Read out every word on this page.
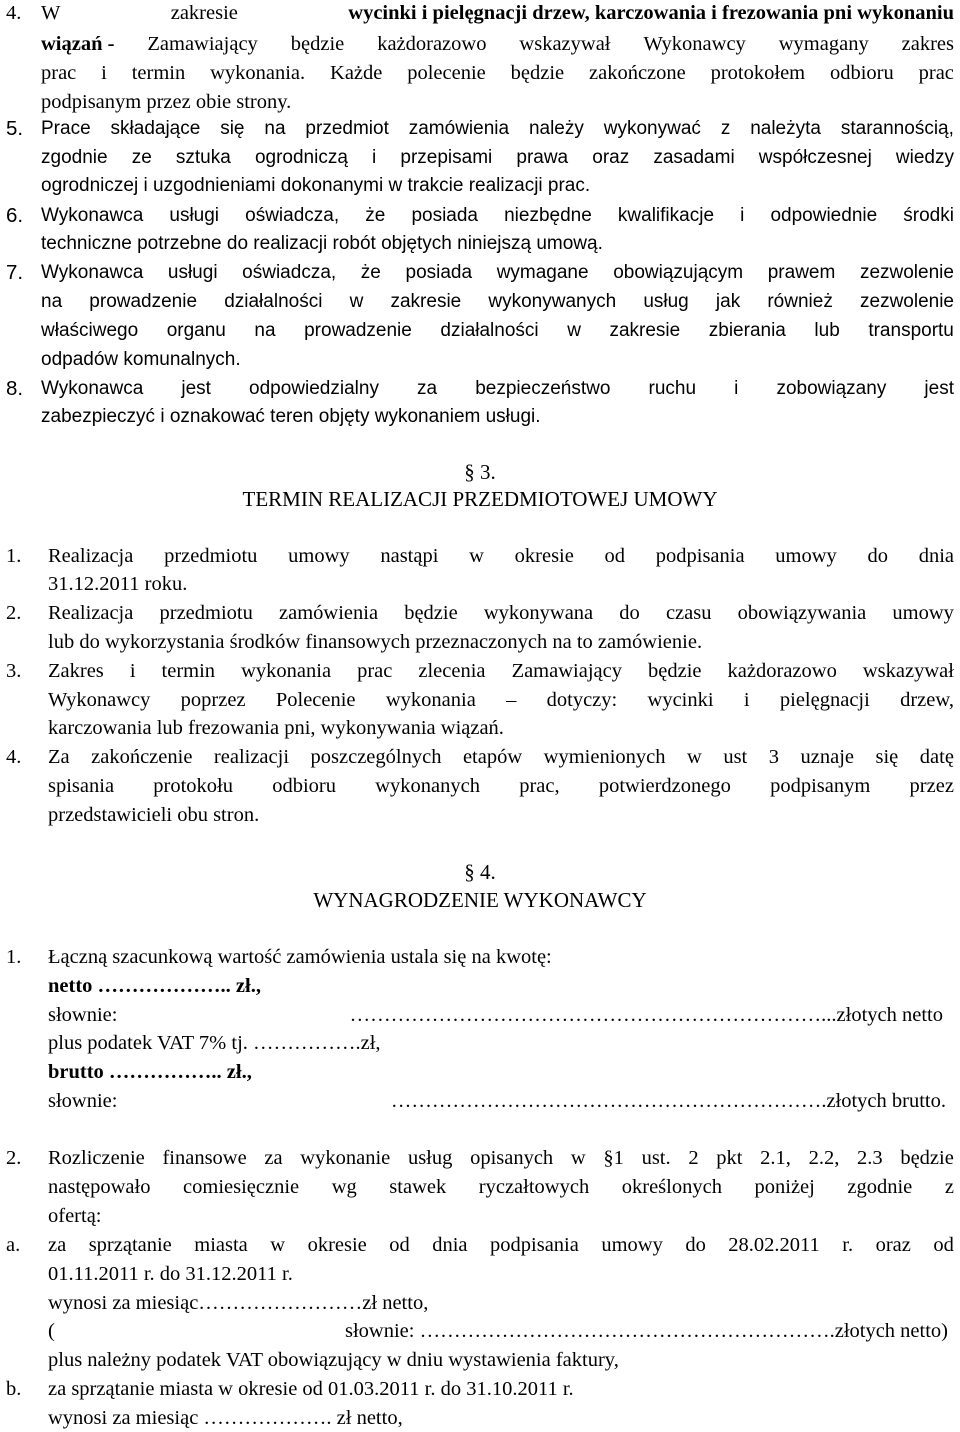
4. W	zakresie	wycinki i pielęgnacji drzew, karczowania i frezowania pni wykonaniu
wiązań - Zamawiający będzie każdorazowo wskazywał Wykonawcy wymagany zakres
prac i termin wykonania. Każde polecenie będzie zakończone protokołem odbioru prac
podpisanym przez obie strony.
5. Prace składające się na przedmiot zamówienia należy wykonywać z należyta starannością,
zgodnie ze sztuka ogrodniczą i przepisami prawa oraz zasadami współczesnej wiedzy
ogrodniczej i uzgodnieniami dokonanymi w trakcie realizacji prac.
6. Wykonawca usługi oświadcza, że posiada niezbędne kwalifikacje i odpowiednie środki
techniczne potrzebne do realizacji robót objętych niniejszą umową.
7. Wykonawca usługi oświadcza, że posiada wymagane obowiązującym prawem zezwolenie
na prowadzenie działalności w zakresie wykonywanych usług jak również zezwolenie
właściwego organu na prowadzenie działalności w zakresie zbierania lub transportu
odpadów komunalnych.
8. Wykonawca jest odpowiedzialny za bezpieczeństwo ruchu i zobowiązany jest
zabezpieczyć i oznakować teren objęty wykonaniem usługi.
§ 3.
TERMIN REALIZACJI PRZEDMIOTOWEJ UMOWY
1. Realizacja przedmiotu umowy nastąpi w okresie od podpisania umowy do dnia
31.12.2011 roku.
2. Realizacja przedmiotu zamówienia będzie wykonywana do czasu obowiązywania umowy
lub do wykorzystania środków finansowych przeznaczonych na to zamówienie.
3. Zakres i termin wykonania prac zlecenia Zamawiający będzie każdorazowo wskazywał
Wykonawcy poprzez Polecenie wykonania – dotyczy: wycinki i pielęgnacji drzew,
karczowania lub frezowania pni, wykonywania wiązań.
4. Za zakończenie realizacji poszczególnych etapów wymienionych w ust 3 uznaje się datę
spisania protokołu odbioru wykonanych prac, potwierdzonego podpisanym przez
przedstawicieli obu stron.
§ 4.
WYNAGRODZENIE WYKONAWCY
1. Łączną szacunkową wartość zamówienia ustala się na kwotę:
netto ……………….. zł.,
słownie:	……………………………………………………………...złotych netto
plus podatek VAT 7% tj. …………….zł,
brutto …………….. zł.,
słownie:	……………………………………………………….złotych brutto.
2. Rozliczenie finansowe za wykonanie usług opisanych w §1 ust. 2 pkt 2.1, 2.2, 2.3 będzie
następowało comiesięcznie wg stawek ryczałtowych określonych poniżej zgodnie z
ofertą:
a. za sprzątanie miasta w okresie od dnia podpisania umowy do 28.02.2011 r. oraz od
01.11.2011 r. do 31.12.2011 r.
wynosi za miesiąc……………………zł netto,
(	słownie: …………………………………………………….złotych netto)
plus należny podatek VAT obowiązujący w dniu wystawienia faktury,
b. za sprzątanie miasta w okresie od 01.03.2011 r. do 31.10.2011 r.
wynosi za miesiąc ………………. zł netto,
